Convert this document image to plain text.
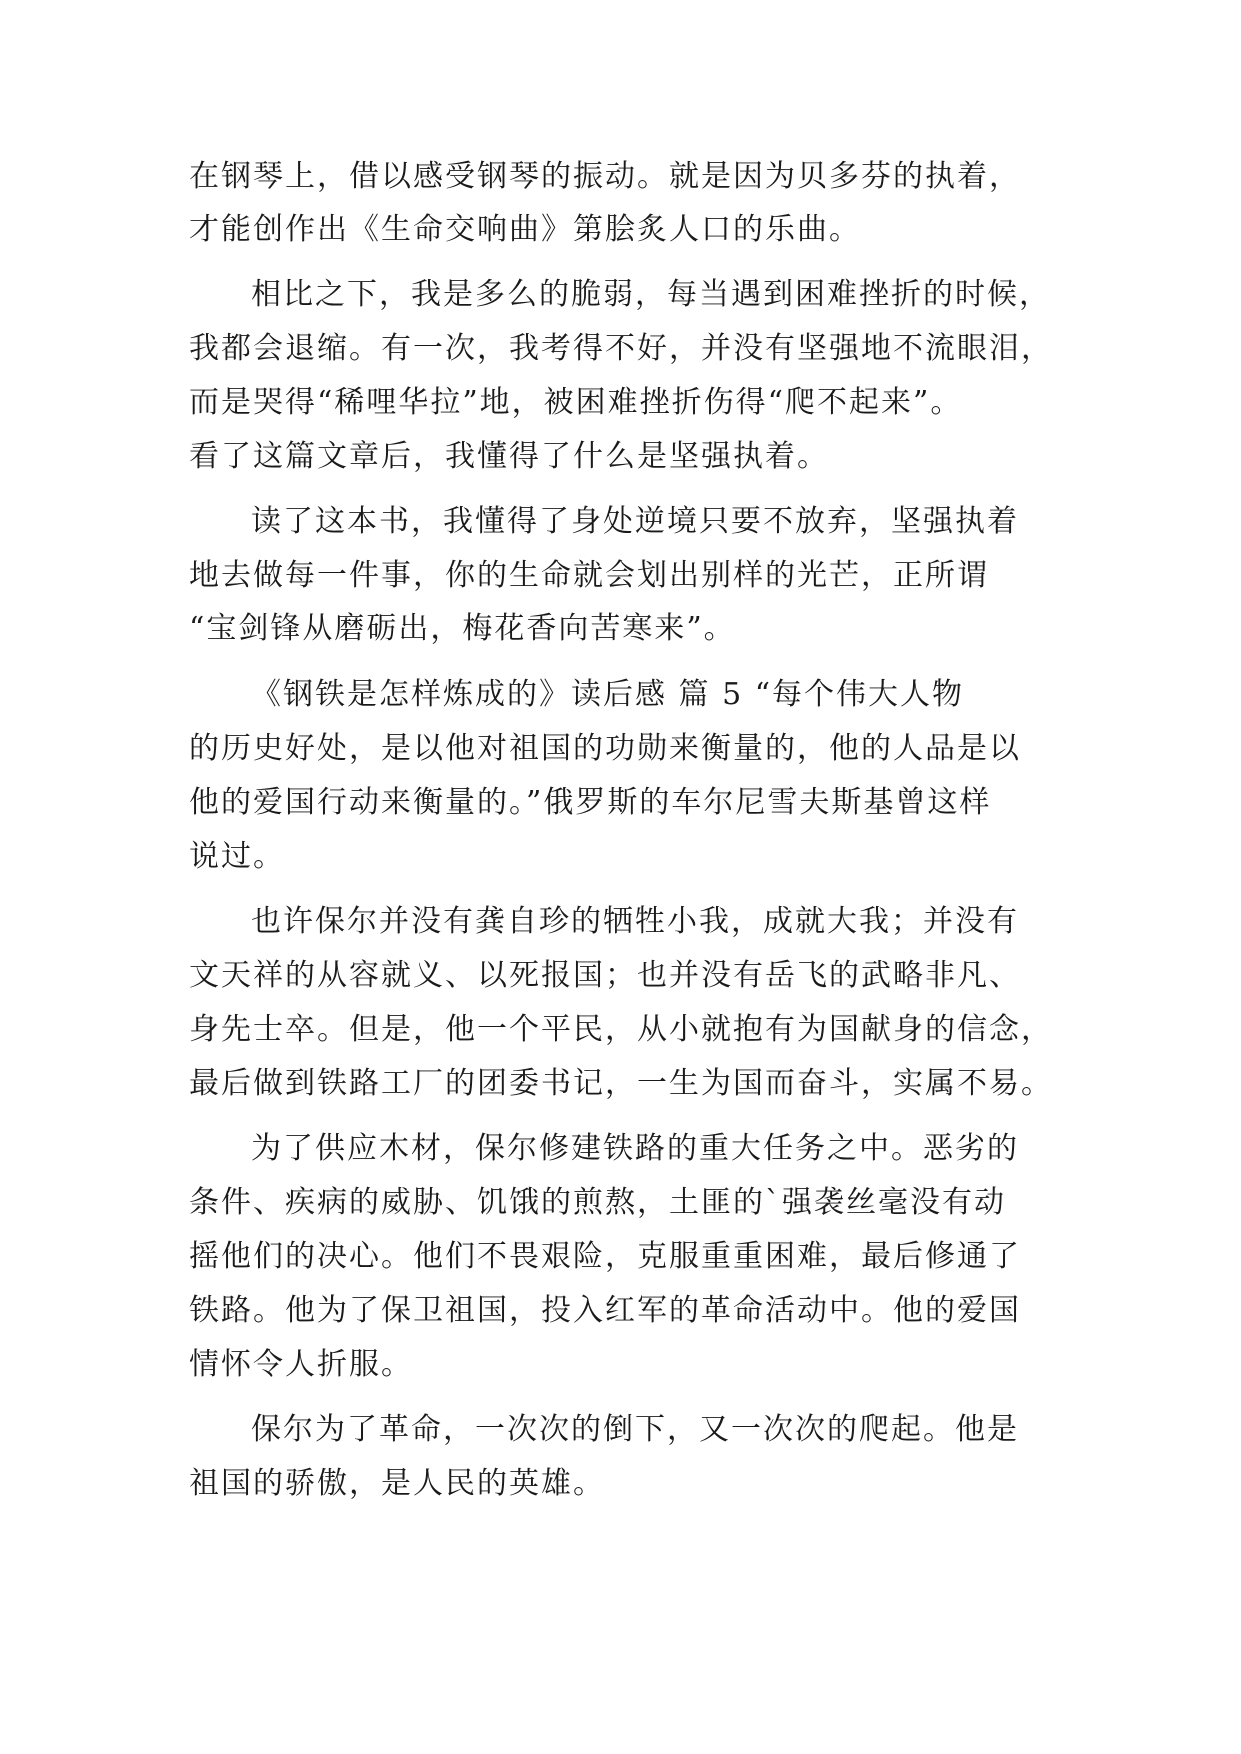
在钢琴上，借以感受钢琴的振动。就是因为贝多芬的执着，
才能创作出《生命交响曲》第脍炙人口的乐曲。
相比之下，我是多么的脆弱，每当遇到困难挫折的时候，
我都会退缩。有一次，我考得不好，并没有坚强地不流眼泪，
而是哭得“稀哩华拉”地，被困难挫折伤得“爬不起来”。
看了这篇文章后，我懂得了什么是坚强执着。
读了这本书，我懂得了身处逆境只要不放弃，坚强执着
地去做每一件事，你的生命就会划出别样的光芒，正所谓
“宝剑锋从磨砺出，梅花香向苦寒来”。
《钢铁是怎样炼成的》读后感 篇 5 “每个伟大人物
的历史好处，是以他对祖国的功勋来衡量的，他的人品是以
他的爱国行动来衡量的。”俄罗斯的车尔尼雪夫斯基曾这样
说过。
也许保尔并没有龚自珍的牺牲小我，成就大我；并没有
文天祥的从容就义、以死报国；也并没有岳飞的武略非凡、
身先士卒。但是，他一个平民，从小就抱有为国献身的信念，
最后做到铁路工厂的团委书记，一生为国而奋斗，实属不易。
为了供应木材，保尔修建铁路的重大任务之中。恶劣的
条件、疾病的威胁、饥饿的煎熬，土匪的`强袭丝毫没有动
摇他们的决心。他们不畏艰险，克服重重困难，最后修通了
铁路。他为了保卫祖国，投入红军的革命活动中。他的爱国
情怀令人折服。
保尔为了革命，一次次的倒下，又一次次的爬起。他是
祖国的骄傲，是人民的英雄。
